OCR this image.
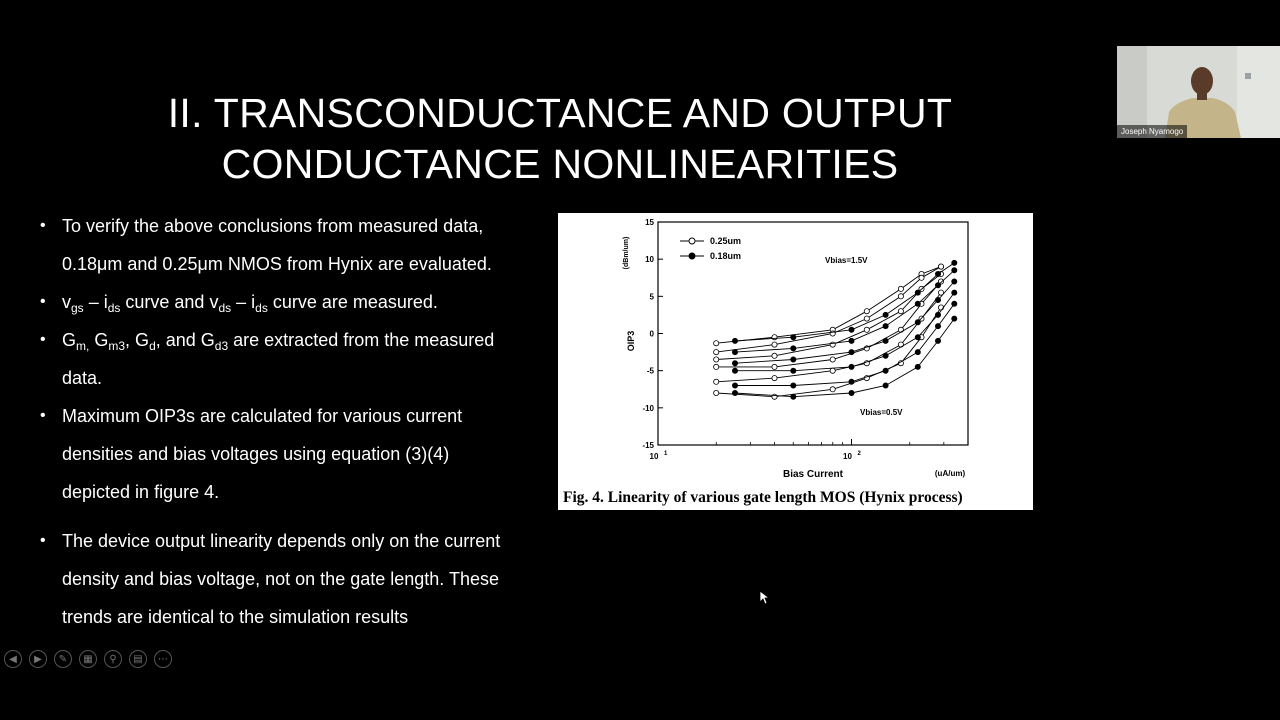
II. TRANSCONDUCTANCE AND OUTPUT
CONDUCTANCE NONLINEARITIES
• To verify the above conclusions from measured data,
0.18μm and 0.25μm NMOS from Hynix are evaluated.
• $v_{gs} - i_{ds}$ curve and $v_{ds} - i_{ds}$ curve are measured.
• $G_{m,}$ $G_{m3}$, $G_d$, and $G_{d3}$ are extracted from the measured
data.
• Maximum OIP3s are calculated for various current
densities and bias voltages using equation (3)(4)
depicted in figure 4.
• The device output linearity depends only on the current
density and bias voltage, not on the gate length. These
trends are identical to the simulation results
15
10
5
0
-5
-10
-15
10 1	10 2
OIP3
(dBm/um)
Bias Current	(uA/um)
0.25um
0.18um	Vbias=1.5V
Vbias=0.5V
Fig. 4. Linearity of various gate length MOS (Hynix process)
Joseph Nyamogo
◀	▶	✎	▦	⚲	▤	⋯
